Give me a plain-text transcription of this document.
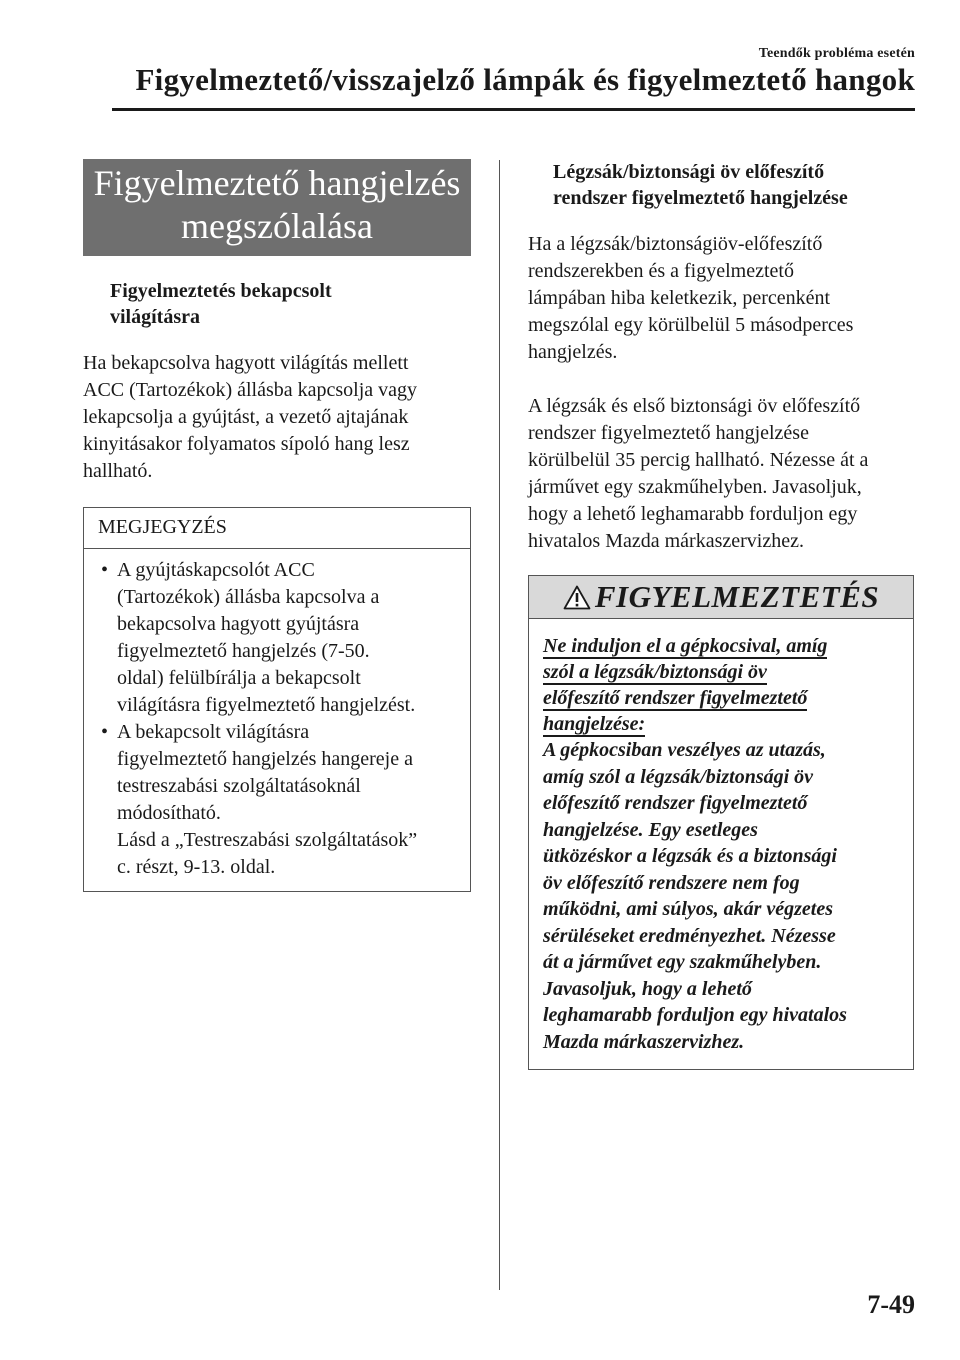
Teendők probléma esetén
Figyelmeztető/visszajelző lámpák és figyelmeztető hangok
Figyelmeztető hangjelzés
megszólalása
Figyelmeztetés bekapcsolt
világításra
Ha bekapcsolva hagyott világítás mellett
ACC (Tartozékok) állásba kapcsolja vagy
lekapcsolja a gyújtást, a vezető ajtajának
kinyitásakor folyamatos sípoló hang lesz
hallható.
MEGJEGYZÉS
• A gyújtáskapcsolót ACC
(Tartozékok) állásba kapcsolva a
bekapcsolva hagyott gyújtásra
figyelmeztető hangjelzés (7-50.
oldal) felülbírálja a bekapcsolt
világításra figyelmeztető hangjelzést.
• A bekapcsolt világításra
figyelmeztető hangjelzés hangereje a
testreszabási szolgáltatásoknál
módosítható.
Lásd a „Testreszabási szolgáltatások”
c. részt, 9-13. oldal.
Légzsák/biztonsági öv előfeszítő
rendszer figyelmeztető hangjelzése
Ha a légzsák/biztonságiöv-előfeszítő
rendszerekben és a figyelmeztető
lámpában hiba keletkezik, percenként
megszólal egy körülbelül 5 másodperces
hangjelzés.
A légzsák és első biztonsági öv előfeszítő
rendszer figyelmeztető hangjelzése
körülbelül 35 percig hallható. Nézesse át a
járművet egy szakműhelyben. Javasoljuk,
hogy a lehető leghamarabb forduljon egy
hivatalos Mazda márkaszervizhez.
FIGYELMEZTETÉS
Ne induljon el a gépkocsival, amíg
szól a légzsák/biztonsági öv
előfeszítő rendszer figyelmeztető
hangjelzése:
A gépkocsiban veszélyes az utazás,
amíg szól a légzsák/biztonsági öv
előfeszítő rendszer figyelmeztető
hangjelzése. Egy esetleges
ütközéskor a légzsák és a biztonsági
öv előfeszítő rendszere nem fog
működni, ami súlyos, akár végzetes
sérüléseket eredményezhet. Nézesse
át a járművet egy szakműhelyben.
Javasoljuk, hogy a lehető
leghamarabb forduljon egy hivatalos
Mazda márkaszervizhez.
7-49
